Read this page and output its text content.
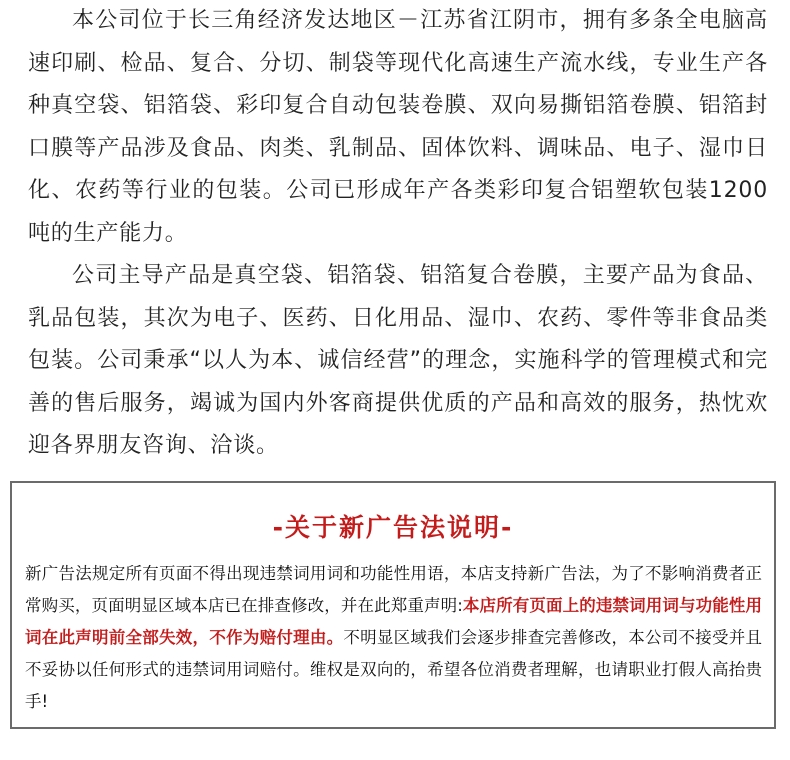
本公司位于长三角经济发达地区－江苏省江阴市，拥有多条全电脑高速印刷、检品、复合、分切、制袋等现代化高速生产流水线，专业生产各种真空袋、铝箔袋、彩印复合自动包装卷膜、双向易撕铝箔卷膜、铝箔封口膜等产品涉及食品、肉类、乳制品、固体饮料、调味品、电子、湿巾日化、农药等行业的包装。公司已形成年产各类彩印复合铝塑软包装1200吨的生产能力。

公司主导产品是真空袋、铝箔袋、铝箔复合卷膜，主要产品为食品、乳品包装，其次为电子、医药、日化用品、湿巾、农药、零件等非食品类包装。公司秉承“以人为本、诚信经营”的理念，实施科学的管理模式和完善的售后服务，竭诚为国内外客商提供优质的产品和高效的服务，热忱欢迎各界朋友咨询、洽谈。

-关于新广告法说明-

新广告法规定所有页面不得出现违禁词用词和功能性用语，本店支持新广告法，为了不影响消费者正常购买，页面明显区域本店已在排查修改，并在此郑重声明:本店所有页面上的违禁词用词与功能性用词在此声明前全部失效，不作为赔付理由。不明显区域我们会逐步排查完善修改，本公司不接受并且不妥协以任何形式的违禁词用词赔付。维权是双向的，希望各位消费者理解，也请职业打假人高抬贵手!
